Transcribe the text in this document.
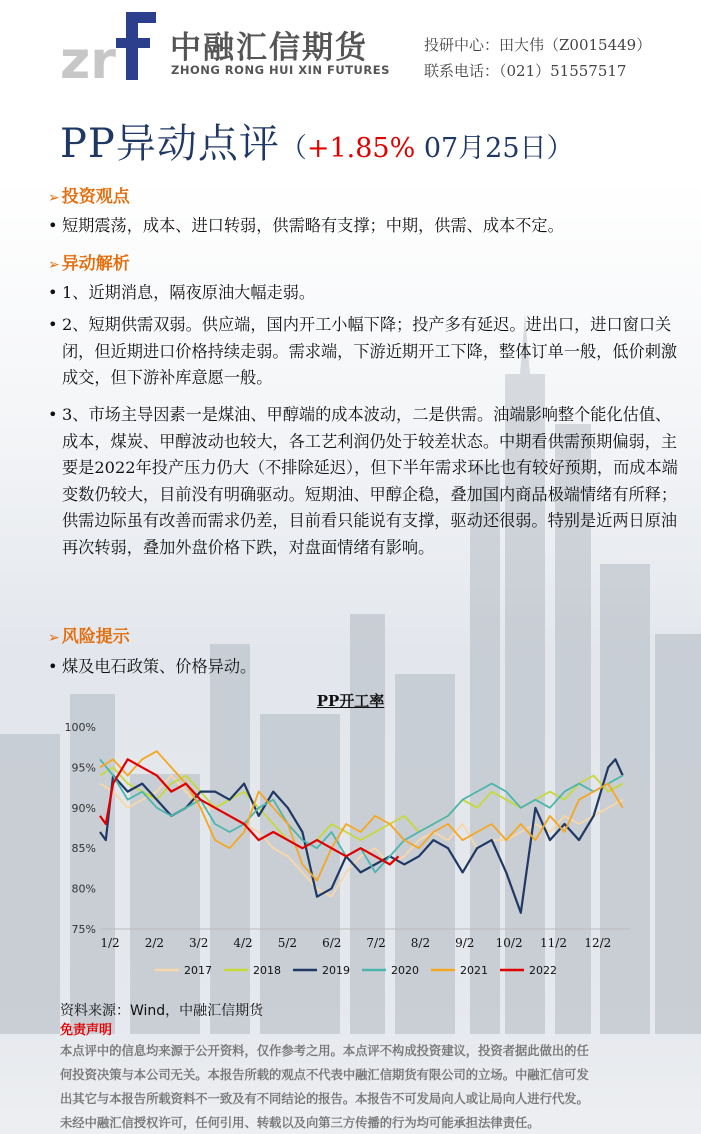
zr 中融汇信期货
ZHONG RONG HUI XIN FUTURES
投研中心：田大伟（Z0015449）
联系电话：（021）51557517
PP异动点评（+1.85% 07月25日）
➢ 投资观点
• 短期震荡，成本、进口转弱，供需略有支撑；中期，供需、成本不定。
➢ 异动解析
• 1、近期消息，隔夜原油大幅走弱。
• 2、短期供需双弱。供应端，国内开工小幅下降；投产多有延迟。进出口，进口窗口关闭，但近期进口价格持续走弱。需求端，下游近期开工下降，整体订单一般，低价刺激成交，但下游补库意愿一般。
• 3、市场主导因素一是煤油、甲醇端的成本波动，二是供需。油端影响整个能化估值、成本，煤炭、甲醇波动也较大，各工艺利润仍处于较差状态。中期看供需预期偏弱，主要是2022年投产压力仍大（不排除延迟），但下半年需求环比也有较好预期，而成本端变数仍较大，目前没有明确驱动。短期油、甲醇企稳，叠加国内商品极端情绪有所释；供需边际虽有改善而需求仍差，目前看只能说有支撑，驱动还很弱。特别是近两日原油再次转弱，叠加外盘价格下跌，对盘面情绪有影响。
➢ 风险提示
• 煤及电石政策、价格异动。
PP开工率
100%
95%
90%
85%
80%
75%
1/2 2/2 3/2 4/2 5/2 6/2 7/2 8/2 9/2 10/2 11/2 12/2
2017	2018	2019	2020	2021	2022
资料来源：Wind，中融汇信期货
免责声明
本点评中的信息均来源于公开资料，仅作参考之用。本点评不构成投资建议，投资者据此做出的任
何投资决策与本公司无关。本报告所载的观点不代表中融汇信期货有限公司的立场。中融汇信可发
出其它与本报告所载资料不一致及有不同结论的报告。本报告不可发局向人或让局向人进行代发。
未经中融汇信授权许可，任何引用、转载以及向第三方传播的行为均可能承担法律责任。
